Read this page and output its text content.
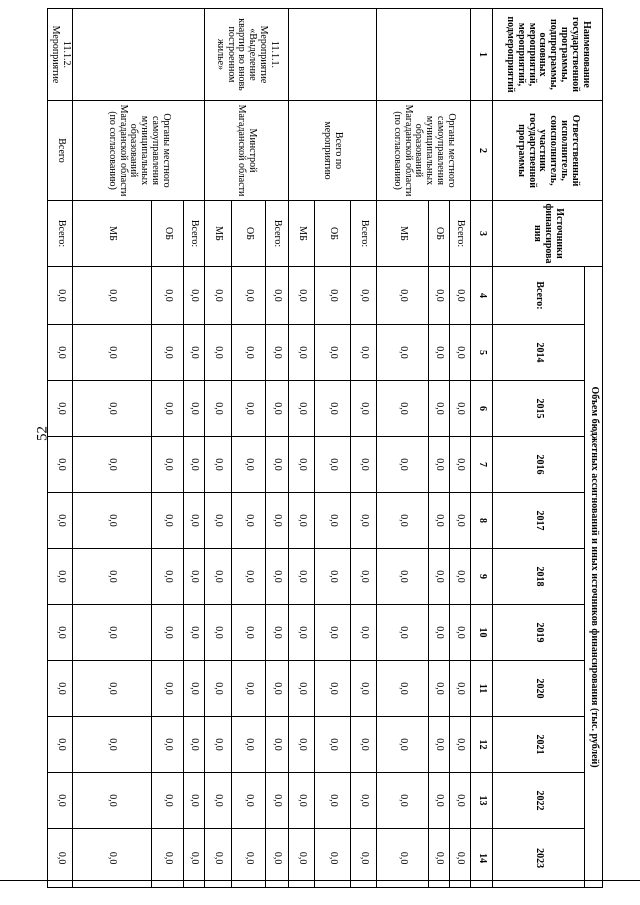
52
Наименование государственной программы, подпрограммы, основных мероприятий, мероприятий, подмероприятий	Ответственный исполнитель, соисполнитель, участник государственной программы	Источники финансирова ния	Объем бюджетных ассигнований и иных источников финансирования (тыс. рублей)										
			Всего:	2014	2015	2016	2017	2018	2019	2020	2021	2022	2023
1	2	3	4	5	6	7	8	9	10	11	12	13	14
	Органы местного самоуправления муниципальных образований Магаданской области (по согласованию)	Всего:	0,0	0,0	0,0	0,0	0,0	0,0	0,0	0,0	0,0	0,0	0,0
		ОБ	0,0	0,0	0,0	0,0	0,0	0,0	0,0	0,0	0,0	0,0	0,0
		МБ	0,0	0,0	0,0	0,0	0,0	0,0	0,0	0,0	0,0	0,0	0,0
	Всего по мероприятию	Всего:	0,0	0,0	0,0	0,0	0,0	0,0	0,0	0,0	0,0	0,0	0,0
		ОБ	0,0	0,0	0,0	0,0	0,0	0,0	0,0	0,0	0,0	0,0	0,0
		МБ	0,0	0,0	0,0	0,0	0,0	0,0	0,0	0,0	0,0	0,0	0,0
11.1.1. Мероприятие «Выделение квартир во вновь построенном жилье»	Минстрой Магаданской области	Всего:	0,0	0,0	0,0	0,0	0,0	0,0	0,0	0,0	0,0	0,0	0,0
		ОБ	0,0	0,0	0,0	0,0	0,0	0,0	0,0	0,0	0,0	0,0	0,0
		МБ	0,0	0,0	0,0	0,0	0,0	0,0	0,0	0,0	0,0	0,0	0,0
	Органы местного самоуправления муниципальных образований Магаданской области (по согласованию)	Всего:	0,0	0,0	0,0	0,0	0,0	0,0	0,0	0,0	0,0	0,0	0,0
		ОБ	0,0	0,0	0,0	0,0	0,0	0,0	0,0	0,0	0,0	0,0	0,0
		МБ	0,0	0,0	0,0	0,0	0,0	0,0	0,0	0,0	0,0	0,0	0,0
11.1.2. Мероприятие	Всего	Всего:	0,0	0,0	0,0	0,0	0,0	0,0	0,0	0,0	0,0	0,0	0,0
